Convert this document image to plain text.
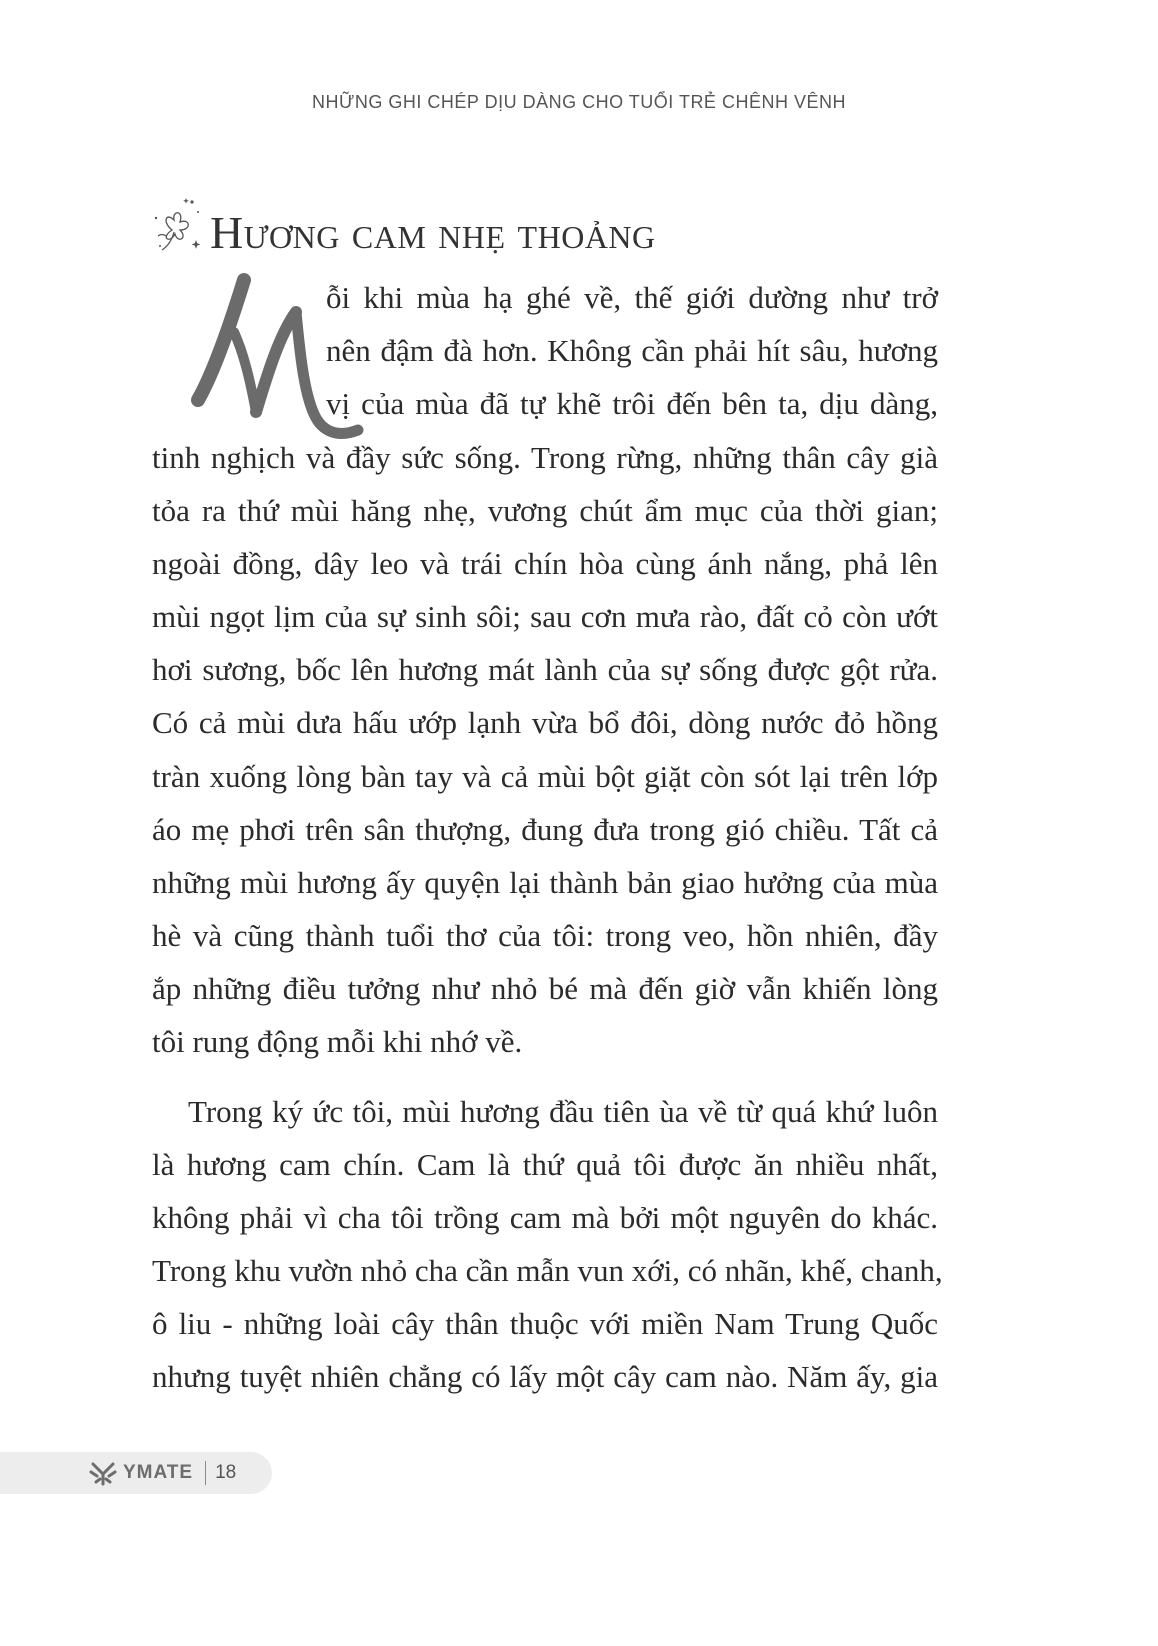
NHỮNG GHI CHÉP DỊU DÀNG CHO TUỔI TRẺ CHÊNH VÊNH
Hương cam nhẹ thoảng
ỗi khi mùa hạ ghé về, thế giới dường như trở
nên đậm đà hơn. Không cần phải hít sâu, hương
vị của mùa đã tự khẽ trôi đến bên ta, dịu dàng,
tinh nghịch và đầy sức sống. Trong rừng, những thân cây già
tỏa ra thứ mùi hăng nhẹ, vương chút ẩm mục của thời gian;
ngoài đồng, dây leo và trái chín hòa cùng ánh nắng, phả lên
mùi ngọt lịm của sự sinh sôi; sau cơn mưa rào, đất cỏ còn ướt
hơi sương, bốc lên hương mát lành của sự sống được gột rửa.
Có cả mùi dưa hấu ướp lạnh vừa bổ đôi, dòng nước đỏ hồng
tràn xuống lòng bàn tay và cả mùi bột giặt còn sót lại trên lớp
áo mẹ phơi trên sân thượng, đung đưa trong gió chiều. Tất cả
những mùi hương ấy quyện lại thành bản giao hưởng của mùa
hè và cũng thành tuổi thơ của tôi: trong veo, hồn nhiên, đầy
ắp những điều tưởng như nhỏ bé mà đến giờ vẫn khiến lòng
tôi rung động mỗi khi nhớ về.
Trong ký ức tôi, mùi hương đầu tiên ùa về từ quá khứ luôn
là hương cam chín. Cam là thứ quả tôi được ăn nhiều nhất,
không phải vì cha tôi trồng cam mà bởi một nguyên do khác.
Trong khu vườn nhỏ cha cần mẫn vun xới, có nhãn, khế, chanh,
ô liu - những loài cây thân thuộc với miền Nam Trung Quốc
nhưng tuyệt nhiên chẳng có lấy một cây cam nào. Năm ấy, gia
YMATE 18
